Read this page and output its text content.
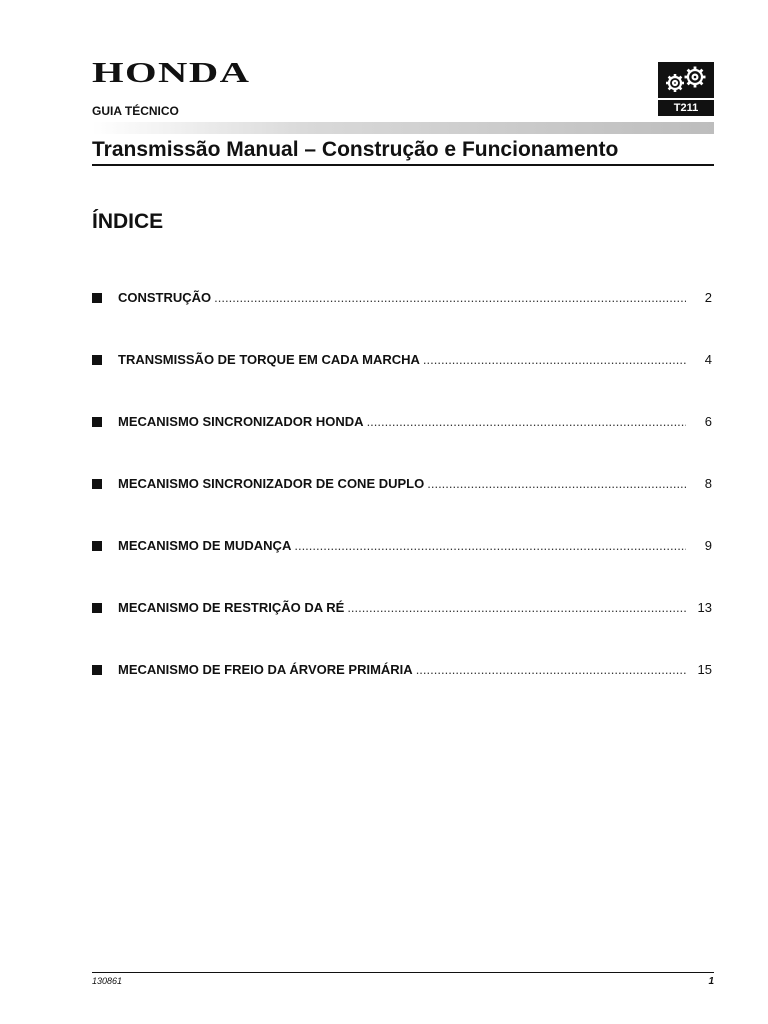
HONDA
T211
GUIA TÉCNICO
Transmissão Manual – Construção e Funcionamento
ÍNDICE
CONSTRUÇÃO .....	2
TRANSMISSÃO DE TORQUE EM CADA MARCHA .....	4
MECANISMO SINCRONIZADOR HONDA .....	6
MECANISMO SINCRONIZADOR DE CONE DUPLO .....	8
MECANISMO DE MUDANÇA .....	9
MECANISMO DE RESTRIÇÃO DA RÉ .....	13
MECANISMO DE FREIO DA ÁRVORE PRIMÁRIA .....	15
130861	1
